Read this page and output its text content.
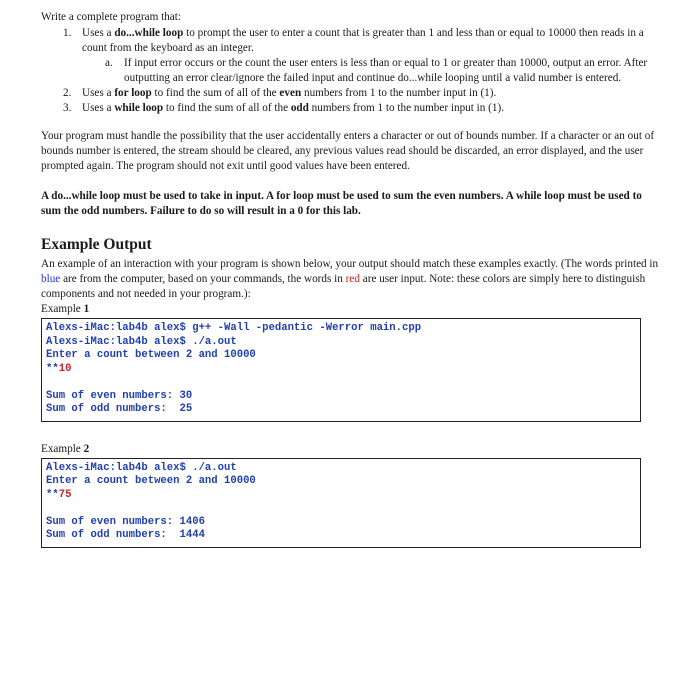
Write a complete program that:

1. Uses a do...while loop to prompt the user to enter a count that is greater than 1 and less than or equal to 10000 then reads in a count from the keyboard as an integer.
a. If input error occurs or the count the user enters is less than or equal to 1 or greater than 10000, output an error. After outputting an error clear/ignore the failed input and continue do...while looping until a valid number is entered.
2. Uses a for loop to find the sum of all of the even numbers from 1 to the number input in (1).
3. Uses a while loop to find the sum of all of the odd numbers from 1 to the number input in (1).

Your program must handle the possibility that the user accidentally enters a character or out of bounds number. If a character or an out of bounds number is entered, the stream should be cleared, any previous values read should be discarded, an error displayed, and the user prompted again. The program should not exit until good values have been entered.

A do...while loop must be used to take in input. A for loop must be used to sum the even numbers. A while loop must be used to sum the odd numbers. Failure to do so will result in a 0 for this lab.

Example Output

An example of an interaction with your program is shown below, your output should match these examples exactly. (The words printed in blue are from the computer, based on your commands, the words in red are user input. Note: these colors are simply here to distinguish components and not needed in your program.):

Example 1

Alexs-iMac:lab4b alex$ g++ -Wall -pedantic -Werror main.cpp
Alexs-iMac:lab4b alex$ ./a.out
Enter a count between 2 and 10000
**10
Sum of even numbers: 30
Sum of odd numbers:  25

Example 2

Alexs-iMac:lab4b alex$ ./a.out
Enter a count between 2 and 10000
**75
Sum of even numbers: 1406
Sum of odd numbers:  1444
